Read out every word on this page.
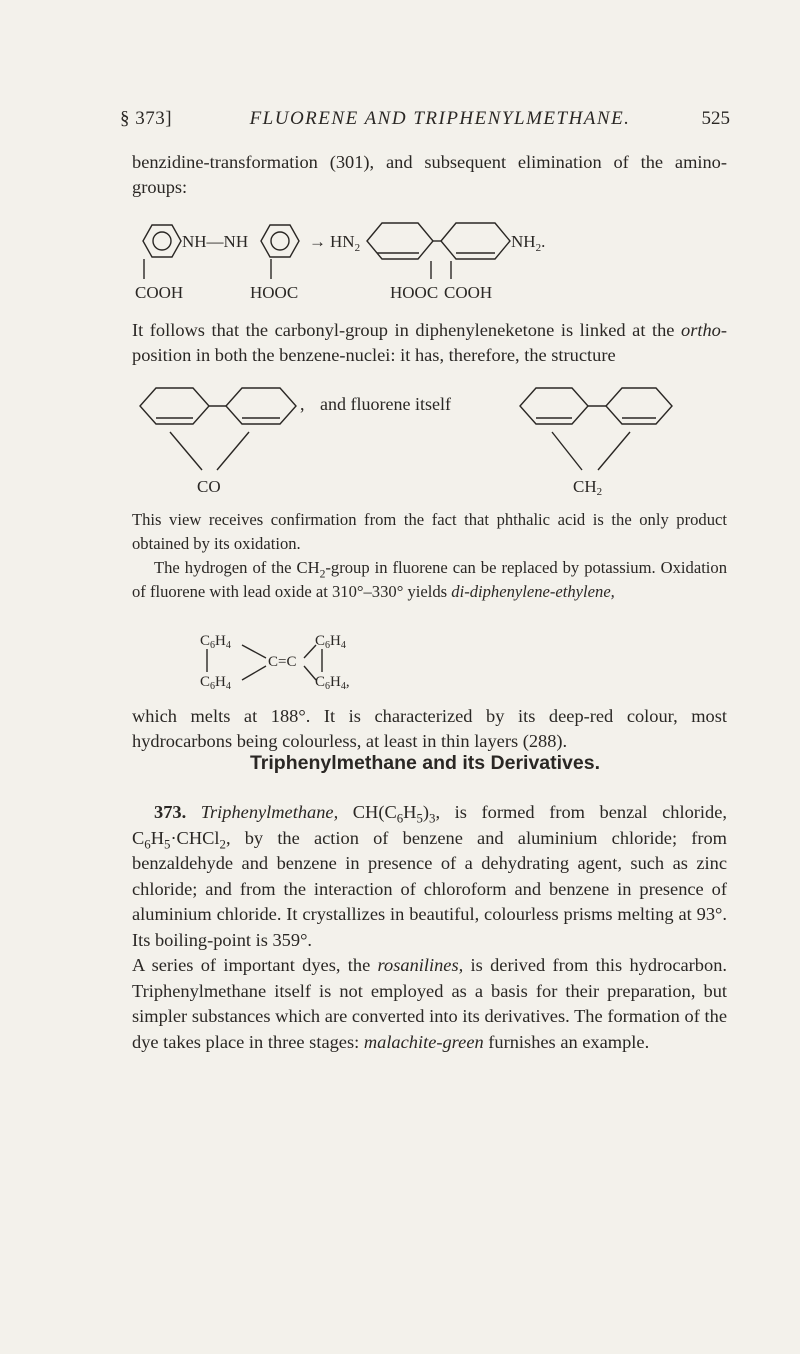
§ 373]	FLUORENE AND TRIPHENYLMETHANE.	525
benzidine-transformation (301), and subsequent elimination of the amino-groups:
NH—NH	→ $HN_2$	$NH_2$.
COOH	HOOC	HOOC COOH
It follows that the carbonyl-group in diphenyleneketone is linked at the ortho-position in both the benzene-nuclei: it has, therefore, the structure
,
CO
and fluorene itself
CH2
This view receives confirmation from the fact that phthalic acid is the only product obtained by its oxidation.
The hydrogen of the $CH_2$-group in fluorene can be replaced by potassium. Oxidation of fluorene with lead oxide at 310°–330° yields di-diphenylene-ethylene,
$C_6H_4$
$C_6H_4$
$C_6H_4$
$C_6H_4$,
C=C
which melts at 188°. It is characterized by its deep-red colour, most hydrocarbons being colourless, at least in thin layers (288).
Triphenylmethane and its Derivatives.
373. Triphenylmethane, $CH(C_6H_5)_3$, is formed from benzal chloride, $C_6H_5\cdot CHCl_2$, by the action of benzene and aluminium chloride; from benzaldehyde and benzene in presence of a dehydrating agent, such as zinc chloride; and from the interaction of chloroform and benzene in presence of aluminium chloride. It crystallizes in beautiful, colourless prisms melting at 93°. Its boiling-point is 359°.
A series of important dyes, the rosanilines, is derived from this hydrocarbon. Triphenylmethane itself is not employed as a basis for their preparation, but simpler substances which are converted into its derivatives. The formation of the dye takes place in three stages: malachite-green furnishes an example.
